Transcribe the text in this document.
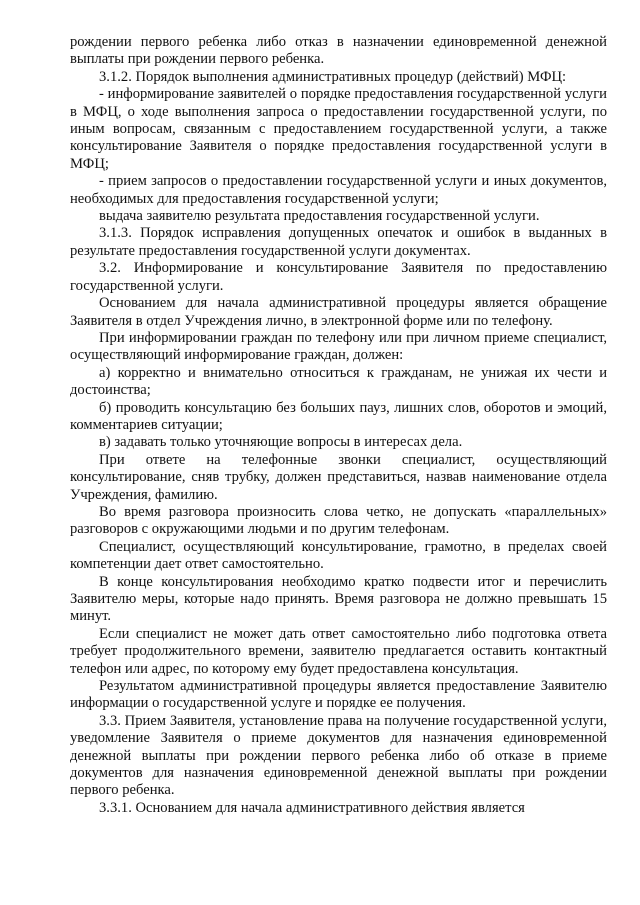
рождении первого ребенка либо отказ в назначении единовременной денежной выплаты при рождении первого ребенка.

3.1.2. Порядок выполнения административных процедур (действий) МФЦ:

- информирование заявителей о порядке предоставления государственной услуги в МФЦ, о ходе выполнения запроса о предоставлении государственной услуги, по иным вопросам, связанным с предоставлением государственной услуги, а также консультирование Заявителя о порядке предоставления государственной услуги в МФЦ;

- прием запросов о предоставлении государственной услуги и иных документов, необходимых для предоставления государственной услуги;

выдача заявителю результата предоставления государственной услуги.

3.1.3. Порядок исправления допущенных опечаток и ошибок в выданных в результате предоставления государственной услуги документах.

3.2. Информирование и консультирование Заявителя по предоставлению государственной услуги.

Основанием для начала административной процедуры является обращение Заявителя в отдел Учреждения лично, в электронной форме или по телефону.

При информировании граждан по телефону или при личном приеме специалист, осуществляющий информирование граждан, должен:

а) корректно и внимательно относиться к гражданам, не унижая их чести и достоинства;

б) проводить консультацию без больших пауз, лишних слов, оборотов и эмоций, комментариев ситуации;

в) задавать только уточняющие вопросы в интересах дела.

При ответе на телефонные звонки специалист, осуществляющий консультирование, сняв трубку, должен представиться, назвав наименование отдела Учреждения, фамилию.

Во время разговора произносить слова четко, не допускать «параллельных» разговоров с окружающими людьми и по другим телефонам.

Специалист, осуществляющий консультирование, грамотно, в пределах своей компетенции дает ответ самостоятельно.

В конце консультирования необходимо кратко подвести итог и перечислить Заявителю меры, которые надо принять. Время разговора не должно превышать 15 минут.

Если специалист не может дать ответ самостоятельно либо подготовка ответа требует продолжительного времени, заявителю предлагается оставить контактный телефон или адрес, по которому ему будет предоставлена консультация.

Результатом административной процедуры является предоставление Заявителю информации о государственной услуге и порядке ее получения.

3.3. Прием Заявителя, установление права на получение государственной услуги, уведомление Заявителя о приеме документов для назначения единовременной денежной выплаты при рождении первого ребенка либо об отказе в приеме документов для назначения единовременной денежной выплаты при рождении первого ребенка.

3.3.1. Основанием для начала административного действия является
